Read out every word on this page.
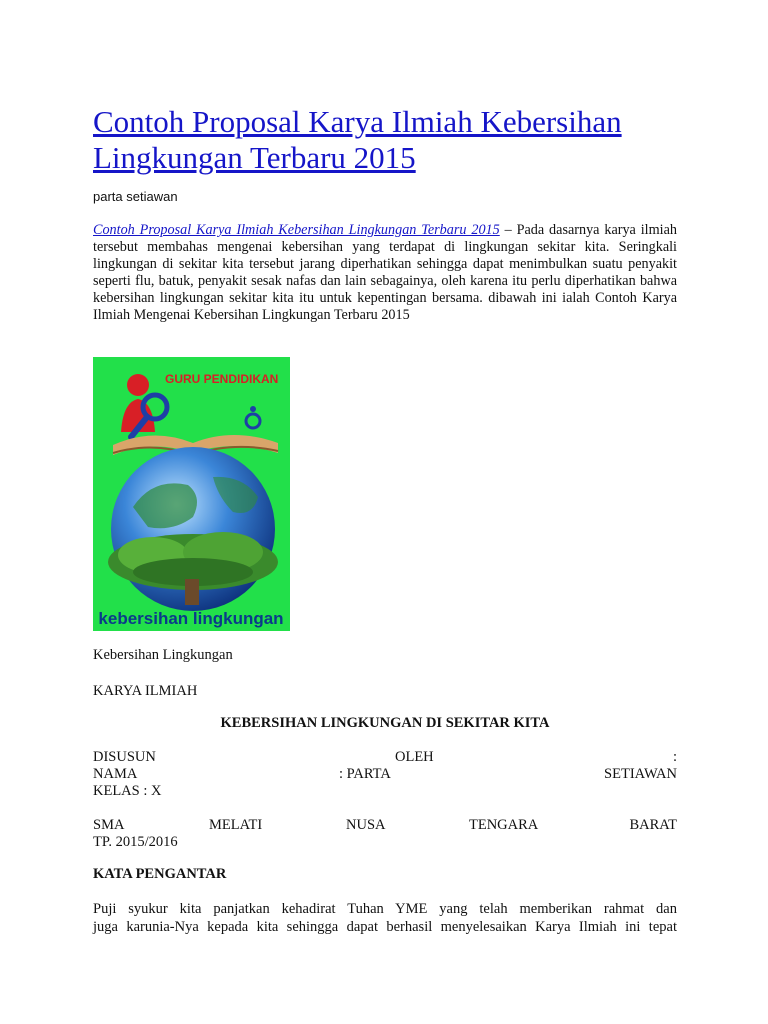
Contoh Proposal Karya Ilmiah Kebersihan Lingkungan Terbaru 2015
parta setiawan

Contoh Proposal Karya Ilmiah Kebersihan Lingkungan Terbaru 2015 – Pada dasarnya karya ilmiah tersebut membahas mengenai kebersihan yang terdapat di lingkungan sekitar kita. Seringkali lingkungan di sekitar kita tersebut jarang diperhatikan sehingga dapat menimbulkan suatu penyakit seperti flu, batuk, penyakit sesak nafas dan lain sebagainya, oleh karena itu perlu diperhatikan bahwa kebersihan lingkungan sekitar kita itu untuk kepentingan bersama. dibawah ini ialah Contoh Karya Ilmiah Mengenai Kebersihan Lingkungan Terbaru 2015

GURU PENDIDIKAN
kebersihan lingkungan
Kebersihan Lingkungan
KARYA ILMIAH
KEBERSIHAN LINGKUNGAN DI SEKITAR KITA
DISUSUN	OLEH	:
NAMA	: PARTA	SETIAWAN
KELAS : X
SMA	MELATI	NUSA	TENGARA	BARAT
TP. 2015/2016
KATA PENGANTAR
Puji syukur kita panjatkan kehadirat Tuhan YME yang telah memberikan rahmat dan
juga karunia-Nya kepada kita sehingga dapat berhasil menyelesaikan Karya Ilmiah ini tepat
